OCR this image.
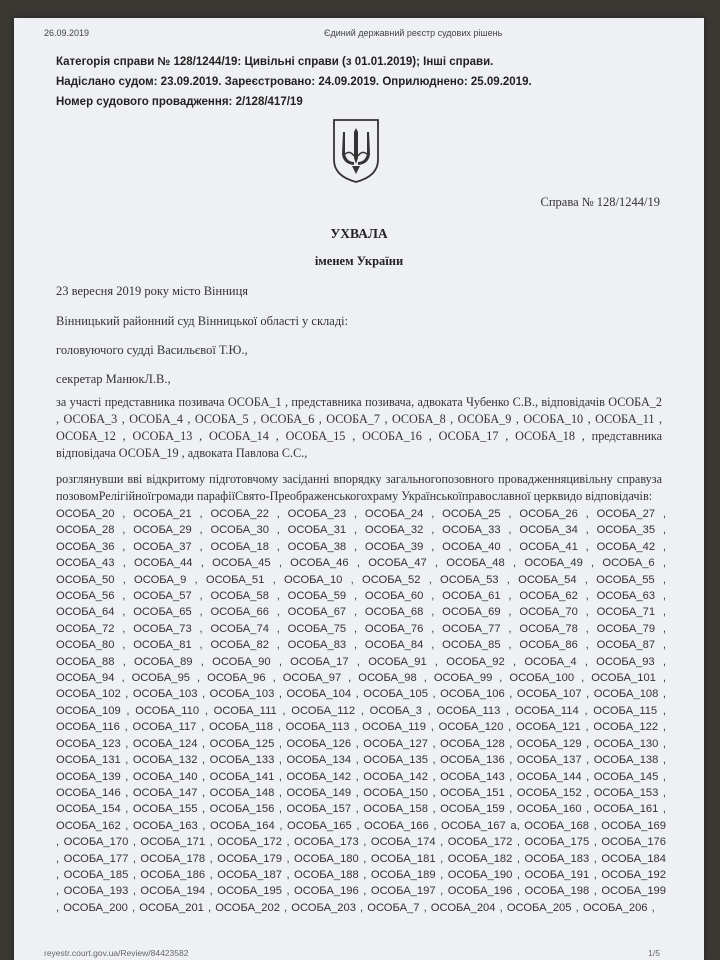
26.09.2019	Єдиний державний реєстр судових рішень
Категорія справи № 128/1244/19: Цивільні справи (з 01.01.2019); Інші справи.
Надіслано судом: 23.09.2019. Зареєстровано: 24.09.2019. Оприлюднено: 25.09.2019.
Номер судового провадження: 2/128/417/19
Справа № 128/1244/19
УХВАЛА
іменем України
23 вересня 2019 року місто Вінниця
Вінницький районний суд Вінницької області у складі:
головуючого судді Васильєвої Т.Ю.,
секретар МанюкЛ.В.,
за участі представника позивача ОСОБА_1 , представника позивача, адвоката Чубенко С.В., відповідачів ОСОБА_2 , ОСОБА_3 , ОСОБА_4 , ОСОБА_5 , ОСОБА_6 , ОСОБА_7 , ОСОБА_8 , ОСОБА_9 , ОСОБА_10 , ОСОБА_11 , ОСОБА_12 , ОСОБА_13 , ОСОБА_14 , ОСОБА_15 , ОСОБА_16 , ОСОБА_17 , ОСОБА_18 , представника відповідача ОСОБА_19 , адвоката Павлова С.С.,
розглянувши вві відкритому підготовчому засіданні впорядку загальногопозовного провадженняцивільну справуза позовомРелігійноїгромади парафіїСвято-Преображенськогохраму Українськоїправославної церквидо відповідачів:
ОСОБА_20 , ОСОБА_21 , ОСОБА_22 , ОСОБА_23 , ОСОБА_24 , ОСОБА_25 , ОСОБА_26 , ОСОБА_27 , ОСОБА_28 , ОСОБА_29 , ОСОБА_30 , ОСОБА_31 , ОСОБА_32 , ОСОБА_33 , ОСОБА_34 , ОСОБА_35 , ОСОБА_36 , ОСОБА_37 , ОСОБА_18 , ОСОБА_38 , ОСОБА_39 , ОСОБА_40 , ОСОБА_41 , ОСОБА_42 , ОСОБА_43 , ОСОБА_44 , ОСОБА_45 , ОСОБА_46 , ОСОБА_47 , ОСОБА_48 , ОСОБА_49 , ОСОБА_6 , ОСОБА_50 , ОСОБА_9 , ОСОБА_51 , ОСОБА_10 , ОСОБА_52 , ОСОБА_53 , ОСОБА_54 , ОСОБА_55 , ОСОБА_56 , ОСОБА_57 , ОСОБА_58 , ОСОБА_59 , ОСОБА_60 , ОСОБА_61 , ОСОБА_62 , ОСОБА_63 , ОСОБА_64 , ОСОБА_65 , ОСОБА_66 , ОСОБА_67 , ОСОБА_68 , ОСОБА_69 , ОСОБА_70 , ОСОБА_71 , ОСОБА_72 , ОСОБА_73 , ОСОБА_74 , ОСОБА_75 , ОСОБА_76 , ОСОБА_77 , ОСОБА_78 , ОСОБА_79 , ОСОБА_80 , ОСОБА_81 , ОСОБА_82 , ОСОБА_83 , ОСОБА_84 , ОСОБА_85 , ОСОБА_86 , ОСОБА_87 , ОСОБА_88 , ОСОБА_89 , ОСОБА_90 , ОСОБА_17 , ОСОБА_91 , ОСОБА_92 , ОСОБА_4 , ОСОБА_93 , ОСОБА_94 , ОСОБА_95 , ОСОБА_96 , ОСОБА_97 , ОСОБА_98 , ОСОБА_99 , ОСОБА_100 , ОСОБА_101 , ОСОБА_102 , ОСОБА_103 , ОСОБА_103 , ОСОБА_104 , ОСОБА_105 , ОСОБА_106 , ОСОБА_107 , ОСОБА_108 , ОСОБА_109 , ОСОБА_110 , ОСОБА_111 , ОСОБА_112 , ОСОБА_3 , ОСОБА_113 , ОСОБА_114 , ОСОБА_115 , ОСОБА_116 , ОСОБА_117 , ОСОБА_118 , ОСОБА_113 , ОСОБА_119 , ОСОБА_120 , ОСОБА_121 , ОСОБА_122 , ОСОБА_123 , ОСОБА_124 , ОСОБА_125 , ОСОБА_126 , ОСОБА_127 , ОСОБА_128 , ОСОБА_129 , ОСОБА_130 , ОСОБА_131 , ОСОБА_132 , ОСОБА_133 , ОСОБА_134 , ОСОБА_135 , ОСОБА_136 , ОСОБА_137 , ОСОБА_138 , ОСОБА_139 , ОСОБА_140 , ОСОБА_141 , ОСОБА_142 , ОСОБА_142 , ОСОБА_143 , ОСОБА_144 , ОСОБА_145 , ОСОБА_146 , ОСОБА_147 , ОСОБА_148 , ОСОБА_149 , ОСОБА_150 , ОСОБА_151 , ОСОБА_152 , ОСОБА_153 , ОСОБА_154 , ОСОБА_155 , ОСОБА_156 , ОСОБА_157 , ОСОБА_158 , ОСОБА_159 , ОСОБА_160 , ОСОБА_161 , ОСОБА_162 , ОСОБА_163 , ОСОБА_164 , ОСОБА_165 , ОСОБА_166 , ОСОБА_167 а, ОСОБА_168 , ОСОБА_169 , ОСОБА_170 , ОСОБА_171 , ОСОБА_172 , ОСОБА_173 , ОСОБА_174 , ОСОБА_172 , ОСОБА_175 , ОСОБА_176 , ОСОБА_177 , ОСОБА_178 , ОСОБА_179 , ОСОБА_180 , ОСОБА_181 , ОСОБА_182 , ОСОБА_183 , ОСОБА_184 , ОСОБА_185 , ОСОБА_186 , ОСОБА_187 , ОСОБА_188 , ОСОБА_189 , ОСОБА_190 , ОСОБА_191 , ОСОБА_192 , ОСОБА_193 , ОСОБА_194 , ОСОБА_195 , ОСОБА_196 , ОСОБА_197 , ОСОБА_196 , ОСОБА_198 , ОСОБА_199 , ОСОБА_200 , ОСОБА_201 , ОСОБА_202 , ОСОБА_203 , ОСОБА_7 , ОСОБА_204 , ОСОБА_205 , ОСОБА_206 ,
reyestr.court.gov.ua/Review/84423582	1/5
